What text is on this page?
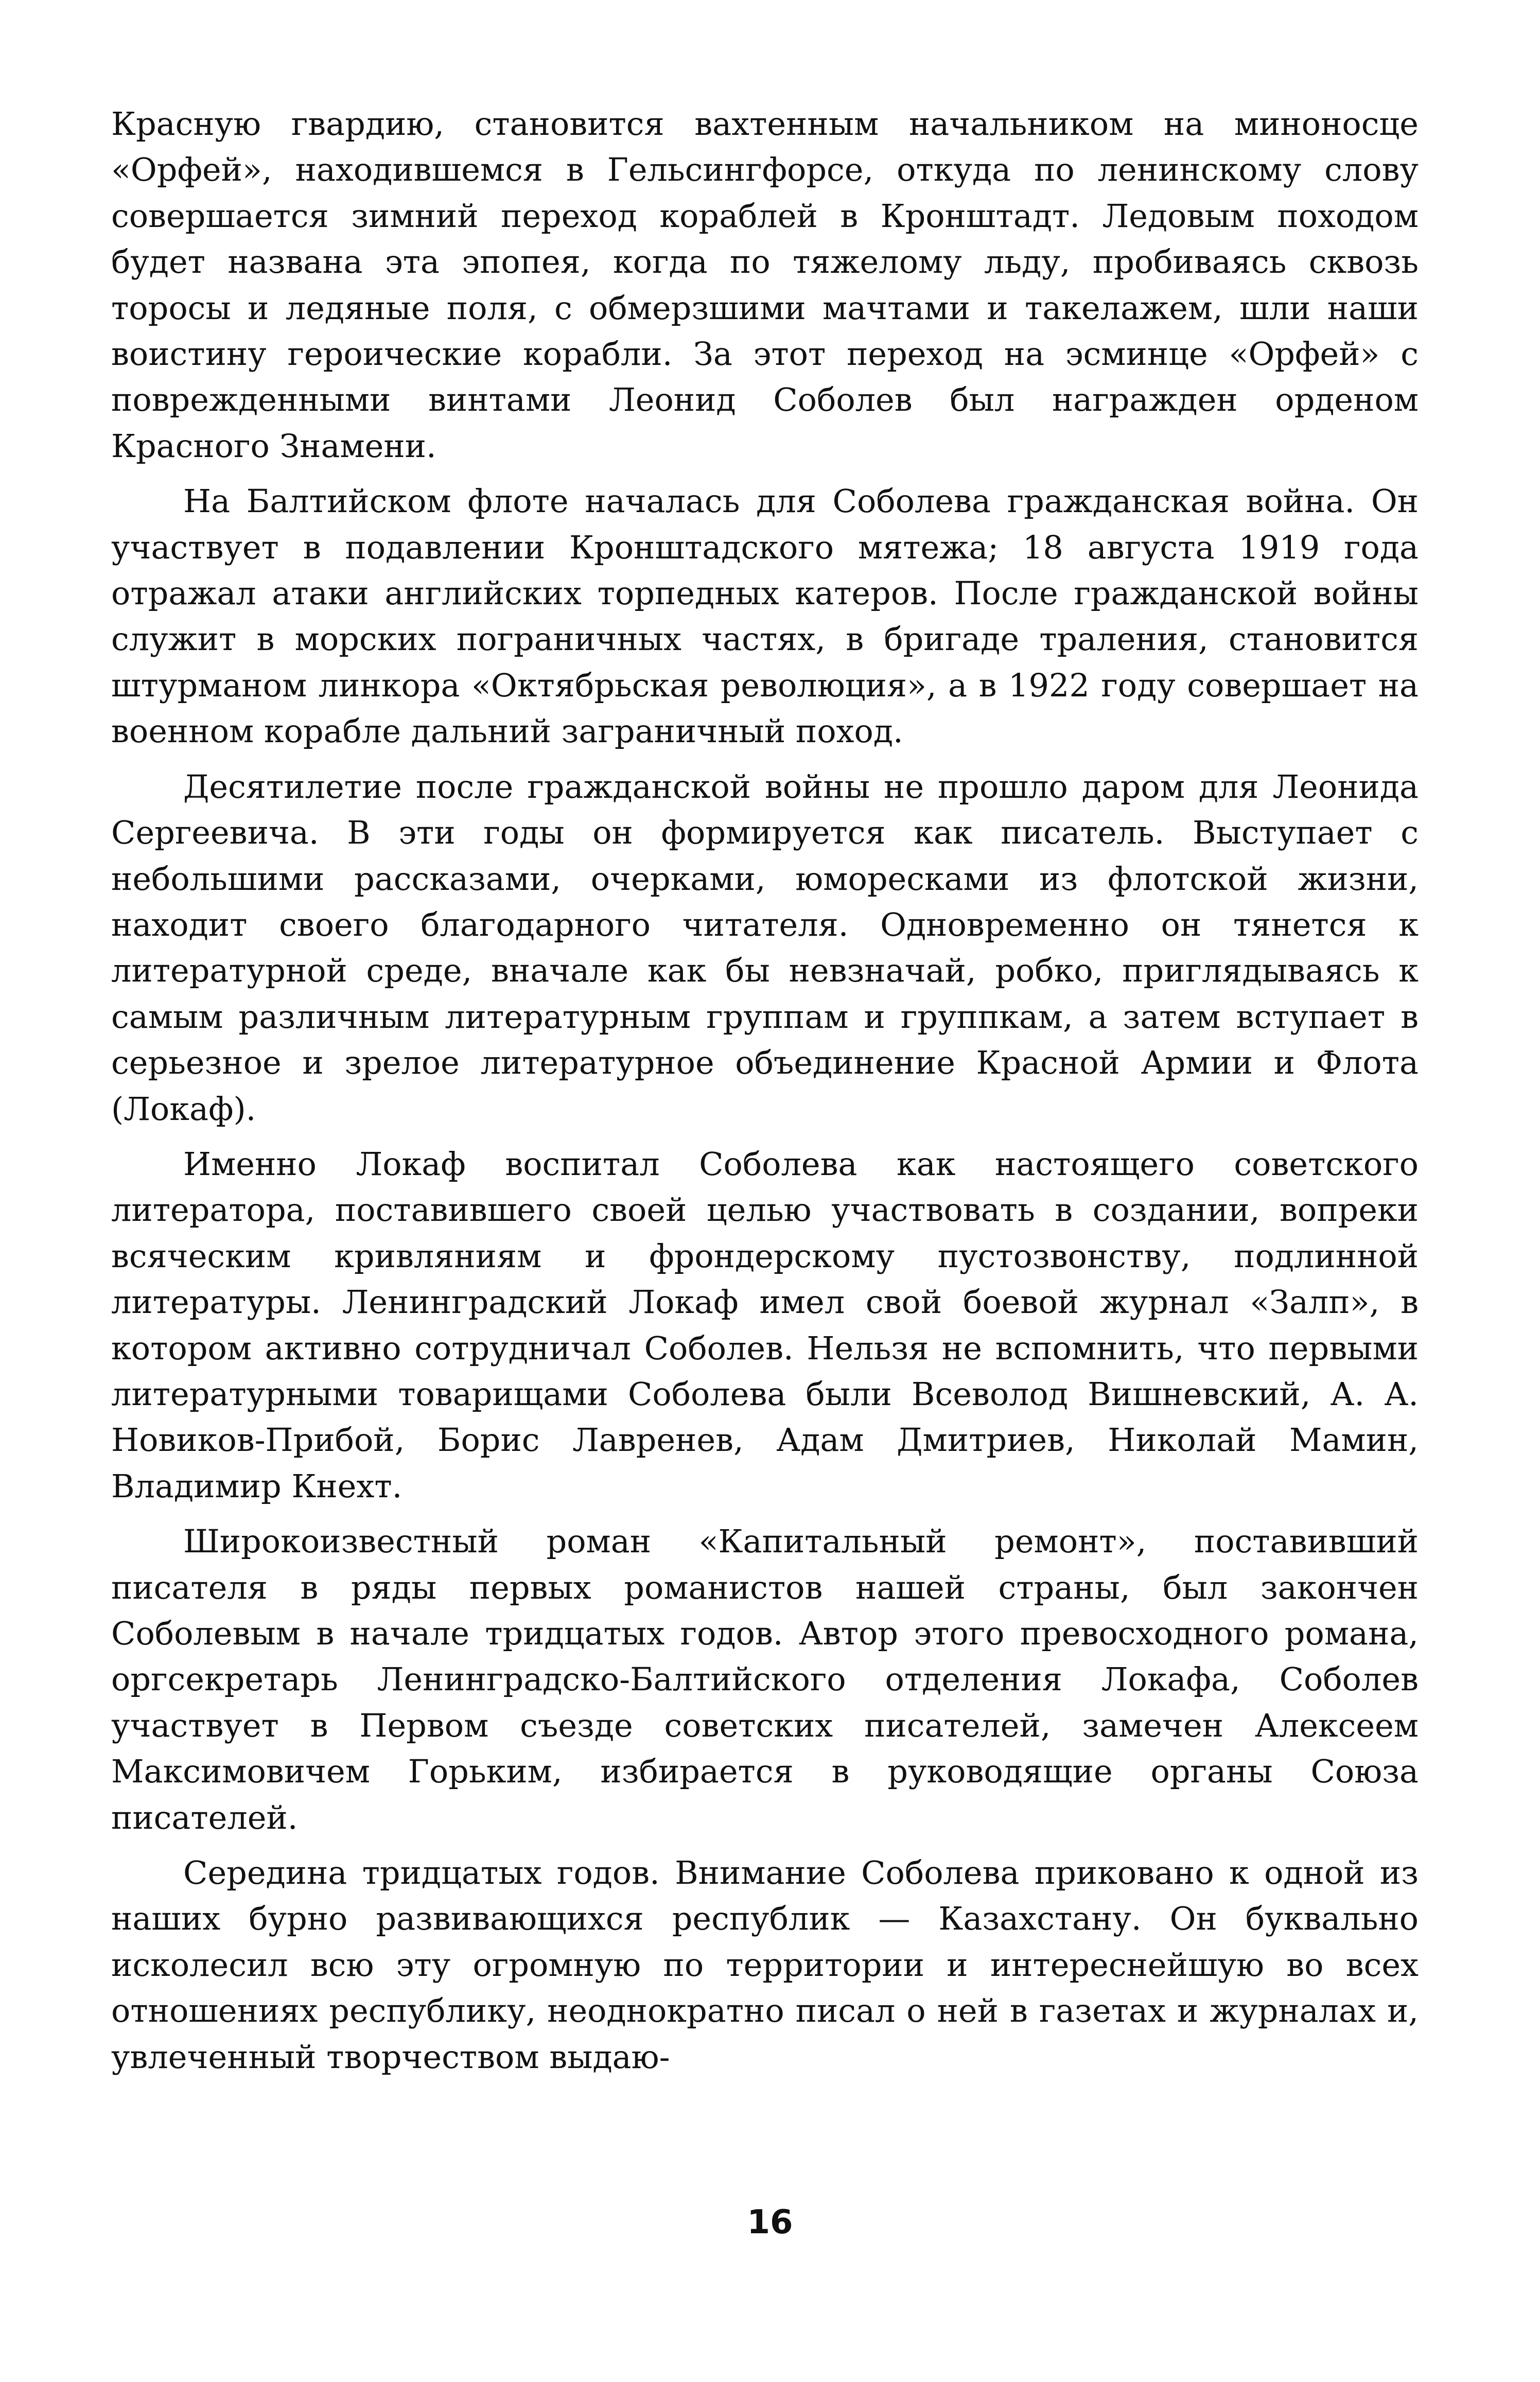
Красную гвардию, становится вахтенным начальником на миноносце «Орфей», находившемся в Гельсингфорсе, откуда по ленинскому слову совершается зимний переход кораблей в Кронштадт. Ледовым походом будет названа эта эпопея, когда по тяжелому льду, пробиваясь сквозь торосы и ледяные поля, с обмерзшими мачтами и такелажем, шли наши воистину героические корабли. За этот переход на эсминце «Орфей» с поврежденными винтами Леонид Соболев был награжден орденом Красного Знамени.

На Балтийском флоте началась для Соболева гражданская война. Он участвует в подавлении Кронштадского мятежа; 18 августа 1919 года отражал атаки английских торпедных катеров. После гражданской войны служит в морских пограничных частях, в бригаде траления, становится штурманом линкора «Октябрьская революция», а в 1922 году совершает на военном корабле дальний заграничный поход.

Десятилетие после гражданской войны не прошло даром для Леонида Сергеевича. В эти годы он формируется как писатель. Выступает с небольшими рассказами, очерками, юморесками из флотской жизни, находит своего благодарного читателя. Одновременно он тянется к литературной среде, вначале как бы невзначай, робко, приглядываясь к самым различным литературным группам и группкам, а затем вступает в серьезное и зрелое литературное объединение Красной Армии и Флота (Локаф).

Именно Локаф воспитал Соболева как настоящего советского литератора, поставившего своей целью участвовать в создании, вопреки всяческим кривляниям и фрондерскому пустозвонству, подлинной литературы. Ленинградский Локаф имел свой боевой журнал «Залп», в котором активно сотрудничал Соболев. Нельзя не вспомнить, что первыми литературными товарищами Соболева были Всеволод Вишневский, А. А. Новиков-Прибой, Борис Лавренев, Адам Дмитриев, Николай Мамин, Владимир Кнехт.

Широкоизвестный роман «Капитальный ремонт», поставивший писателя в ряды первых романистов нашей страны, был закончен Соболевым в начале тридцатых годов. Автор этого превосходного романа, оргсекретарь Ленинградско-Балтийского отделения Локафа, Соболев участвует в Первом съезде советских писателей, замечен Алексеем Максимовичем Горьким, избирается в руководящие органы Союза писателей.

Середина тридцатых годов. Внимание Соболева приковано к одной из наших бурно развивающихся республик — Казахстану. Он буквально исколесил всю эту огромную по территории и интереснейшую во всех отношениях республику, неоднократно писал о ней в газетах и журналах и, увлеченный творчеством выдаю-

16
